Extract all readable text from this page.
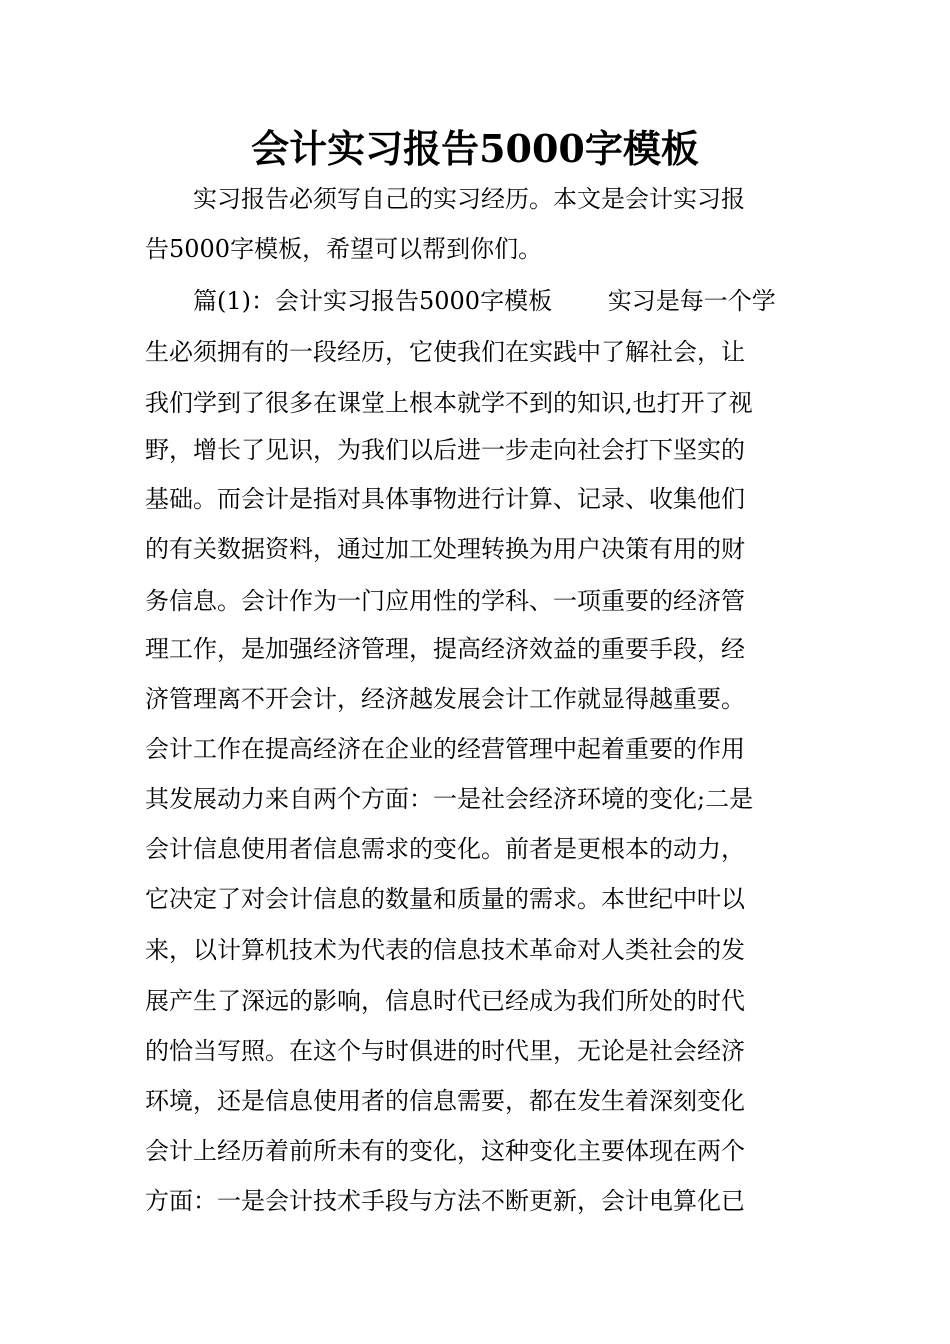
会计实习报告5000字模板
　　实习报告必须写自己的实习经历。本文是会计实习报
告5000字模板，希望可以帮到你们。
　　篇(1)：会计实习报告5000字模板　　 实习是每一个学
生必须拥有的一段经历，它使我们在实践中了解社会，让
我们学到了很多在课堂上根本就学不到的知识,也打开了视
野，增长了见识，为我们以后进一步走向社会打下坚实的
基础。而会计是指对具体事物进行计算、记录、收集他们
的有关数据资料，通过加工处理转换为用户决策有用的财
务信息。会计作为一门应用性的学科、一项重要的经济管
理工作，是加强经济管理，提高经济效益的重要手段，经
济管理离不开会计，经济越发展会计工作就显得越重要。
会计工作在提高经济在企业的经营管理中起着重要的作用
其发展动力来自两个方面：一是社会经济环境的变化;二是
会计信息使用者信息需求的变化。前者是更根本的动力，
它决定了对会计信息的数量和质量的需求。本世纪中叶以
来，以计算机技术为代表的信息技术革命对人类社会的发
展产生了深远的影响，信息时代已经成为我们所处的时代
的恰当写照。在这个与时俱进的时代里，无论是社会经济
环境，还是信息使用者的信息需要，都在发生着深刻变化
会计上经历着前所未有的变化，这种变化主要体现在两个
方面：一是会计技术手段与方法不断更新，会计电算化已
